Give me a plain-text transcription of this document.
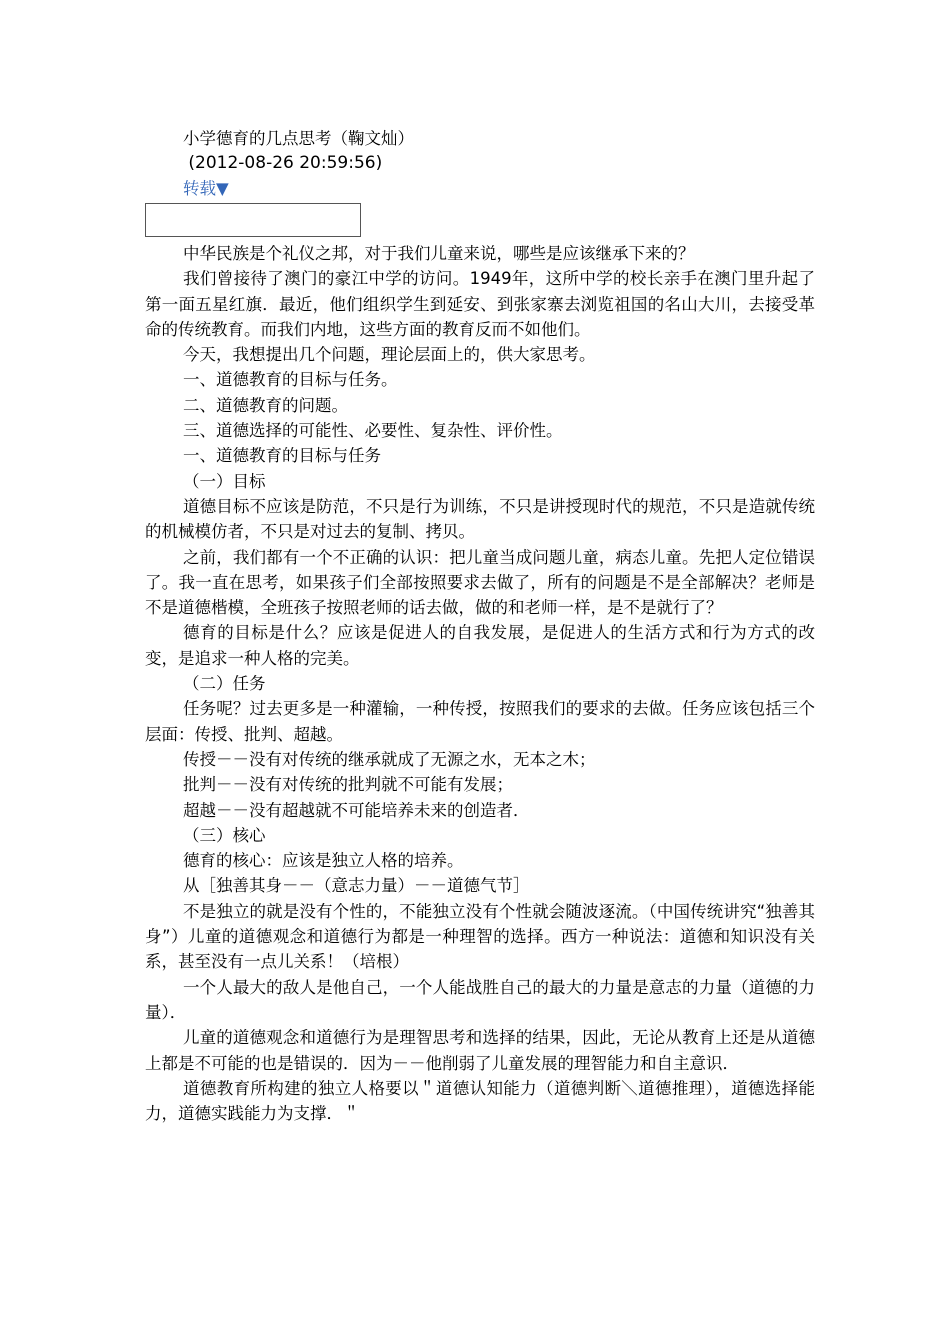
小学德育的几点思考（鞠文灿）

(2012-08-26 20:59:56)

转载▼

中华民族是个礼仪之邦，对于我们儿童来说，哪些是应该继承下来的？

我们曾接待了澳门的豪江中学的访问。1949年，这所中学的校长亲手在澳门里升起了第一面五星红旗．最近，他们组织学生到延安、到张家寨去浏览祖国的名山大川，去接受革命的传统教育。而我们内地，这些方面的教育反而不如他们。

今天，我想提出几个问题，理论层面上的，供大家思考。

一、道德教育的目标与任务。

二、道德教育的问题。

三、道德选择的可能性、必要性、复杂性、评价性。

一、道德教育的目标与任务

（一）目标

道德目标不应该是防范，不只是行为训练，不只是讲授现时代的规范，不只是造就传统的机械模仿者，不只是对过去的复制、拷贝。

之前，我们都有一个不正确的认识：把儿童当成问题儿童，病态儿童。先把人定位错误了。我一直在思考，如果孩子们全部按照要求去做了，所有的问题是不是全部解决？老师是不是道德楷模，全班孩子按照老师的话去做，做的和老师一样，是不是就行了？

德育的目标是什么？应该是促进人的自我发展，是促进人的生活方式和行为方式的改变，是追求一种人格的完美。

（二）任务

任务呢？过去更多是一种灌输，一种传授，按照我们的要求的去做。任务应该包括三个层面：传授、批判、超越。

传授－－没有对传统的继承就成了无源之水，无本之木；

批判－－没有对传统的批判就不可能有发展；

超越－－没有超越就不可能培养未来的创造者．

（三）核心

德育的核心：应该是独立人格的培养。

从［独善其身－－（意志力量）－－道德气节］

不是独立的就是没有个性的，不能独立没有个性就会随波逐流。（中国传统讲究“独善其身”）儿童的道德观念和道德行为都是一种理智的选择。西方一种说法：道德和知识没有关系，甚至没有一点儿关系！（培根）

一个人最大的敌人是他自己，一个人能战胜自己的最大的力量是意志的力量（道德的力量）．

儿童的道德观念和道德行为是理智思考和选择的结果，因此，无论从教育上还是从道德上都是不可能的也是错误的．因为－－他削弱了儿童发展的理智能力和自主意识．

道德教育所构建的独立人格要以＂道德认知能力（道德判断＼道德推理），道德选择能力，道德实践能力为支撑．＂
